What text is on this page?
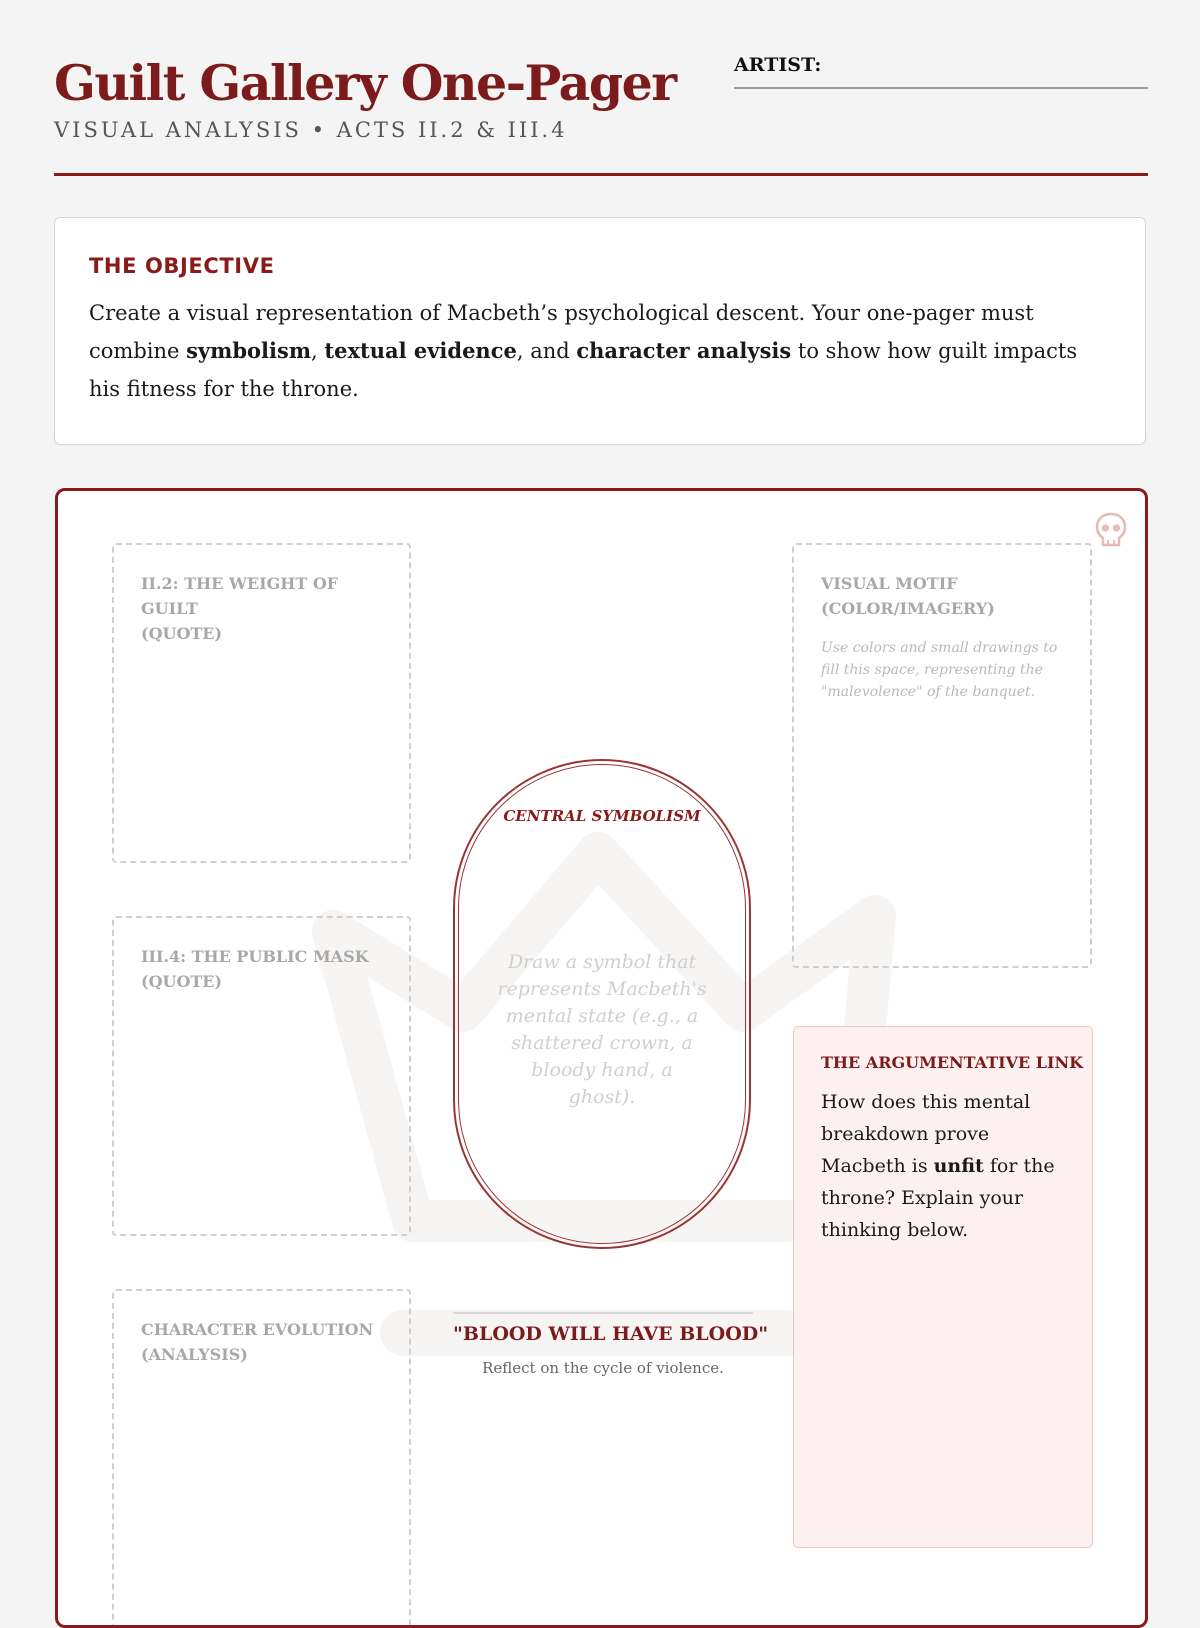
Guilt Gallery One-Pager
VISUAL ANALYSIS • ACTS II.2 & III.4
ARTIST:
THE OBJECTIVE

Create a visual representation of Macbeth’s psychological descent. Your one-pager must combine symbolism, textual evidence, and character analysis to show how guilt impacts his fitness for the throne.

II.2: THE WEIGHT OF GUILT
(QUOTE)
III.4: THE PUBLIC MASK
(QUOTE)
CHARACTER EVOLUTION
(ANALYSIS)
VISUAL MOTIF
(COLOR/IMAGERY)
Use colors and small drawings to fill this space, representing the "malevolence" of the banquet.
CENTRAL SYMBOLISM
Draw a symbol that represents Macbeth's mental state (e.g., a shattered crown, a bloody hand, a ghost).
"BLOOD WILL HAVE BLOOD"
Reflect on the cycle of violence.
THE ARGUMENTATIVE LINK

How does this mental breakdown prove Macbeth is unfit for the throne? Explain your thinking below.
